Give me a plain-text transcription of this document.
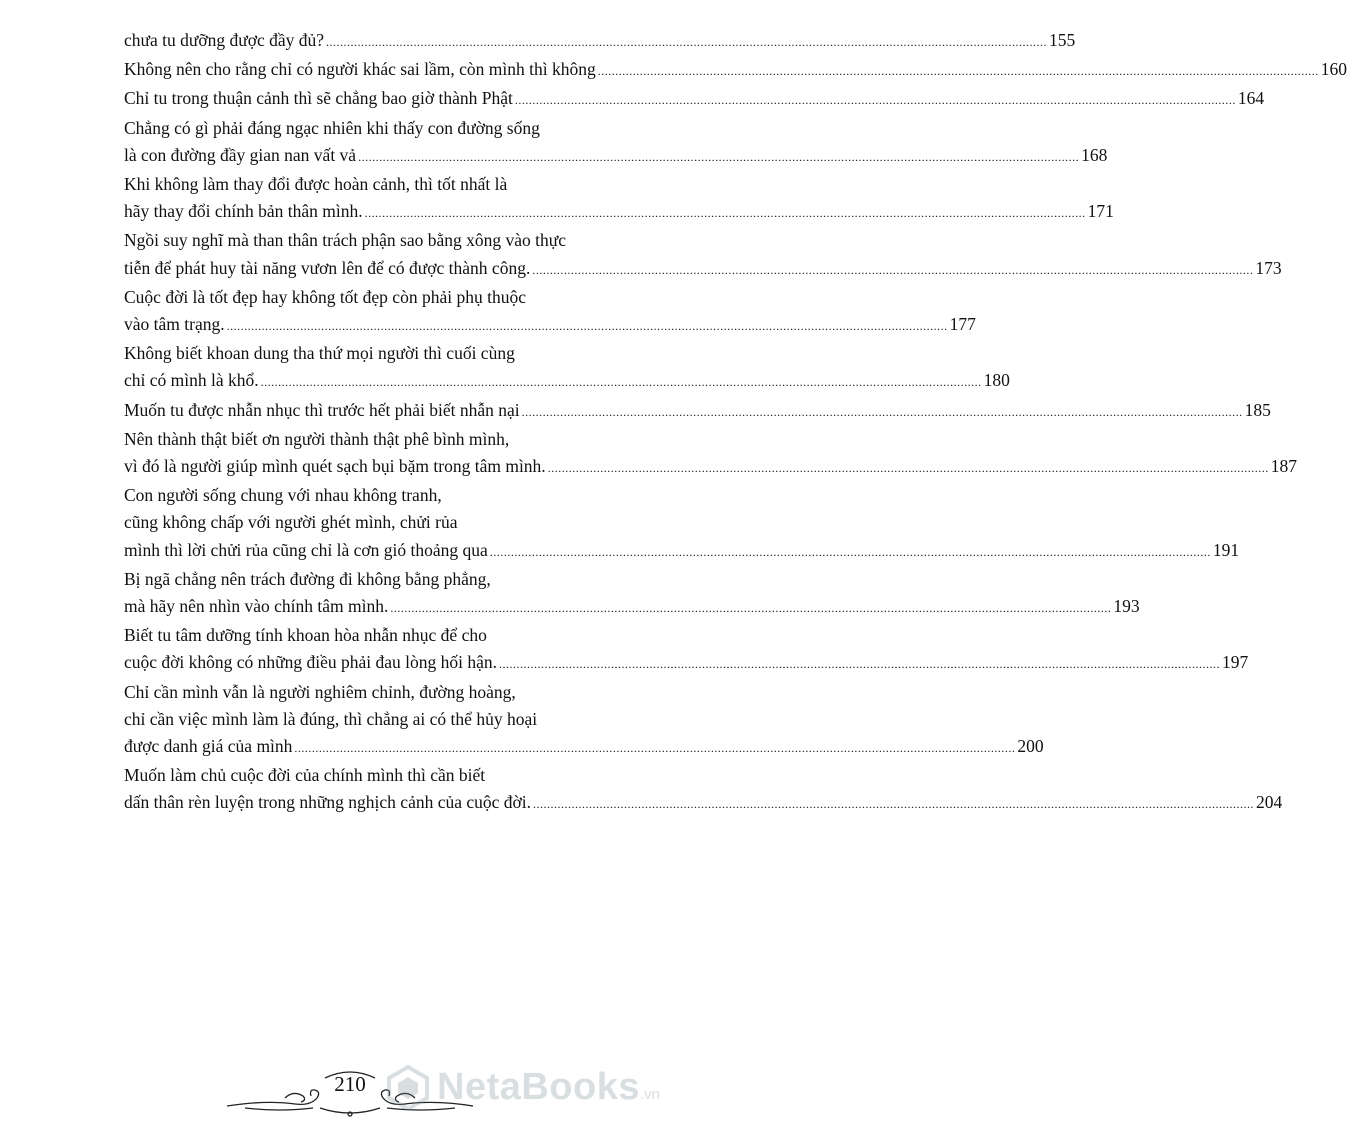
chưa tu dưỡng được đầy đủ? .....	155
Không nên cho rằng chỉ có người khác sai lầm, còn mình thì không .....	160
Chỉ tu trong thuận cảnh thì sẽ chẳng bao giờ thành Phật .....	164
Chẳng có gì phải đáng ngạc nhiên khi thấy con đường sống
là con đường đầy gian nan vất vả .....	168
Khi không làm thay đổi được hoàn cảnh, thì tốt nhất là
hãy thay đổi chính bản thân mình. .....	171
Ngồi suy nghĩ mà than thân trách phận sao bằng xông vào thực
tiễn để phát huy tài năng vươn lên để có được thành công. .....	173
Cuộc đời là tốt đẹp hay không tốt đẹp còn phải phụ thuộc
vào tâm trạng. .....	177
Không biết khoan dung tha thứ mọi người thì cuối cùng
chỉ có mình là khổ. .....	180
Muốn tu được nhẫn nhục thì trước hết phải biết nhẫn nại .....	185
Nên thành thật biết ơn người thành thật phê bình mình,
vì đó là người giúp mình quét sạch bụi bặm trong tâm mình. .....	187
Con người sống chung với nhau không tranh,
cũng không chấp với người ghét mình, chửi rủa
mình thì lời chửi rủa cũng chỉ là cơn gió thoảng qua .....	191
Bị ngã chẳng nên trách đường đi không bằng phẳng,
mà hãy nên nhìn vào chính tâm mình. .....	193
Biết tu tâm dưỡng tính khoan hòa nhẫn nhục để cho
cuộc đời không có những điều phải đau lòng hối hận. .....	197
Chỉ cần mình vẫn là người nghiêm chỉnh, đường hoàng,
chỉ cần việc mình làm là đúng, thì chẳng ai có thể hủy hoại
được danh giá của mình .....	200
Muốn làm chủ cuộc đời của chính mình thì cần biết
dấn thân rèn luyện trong những nghịch cảnh của cuộc đời. .....	204
210 NetaBooks .vn
